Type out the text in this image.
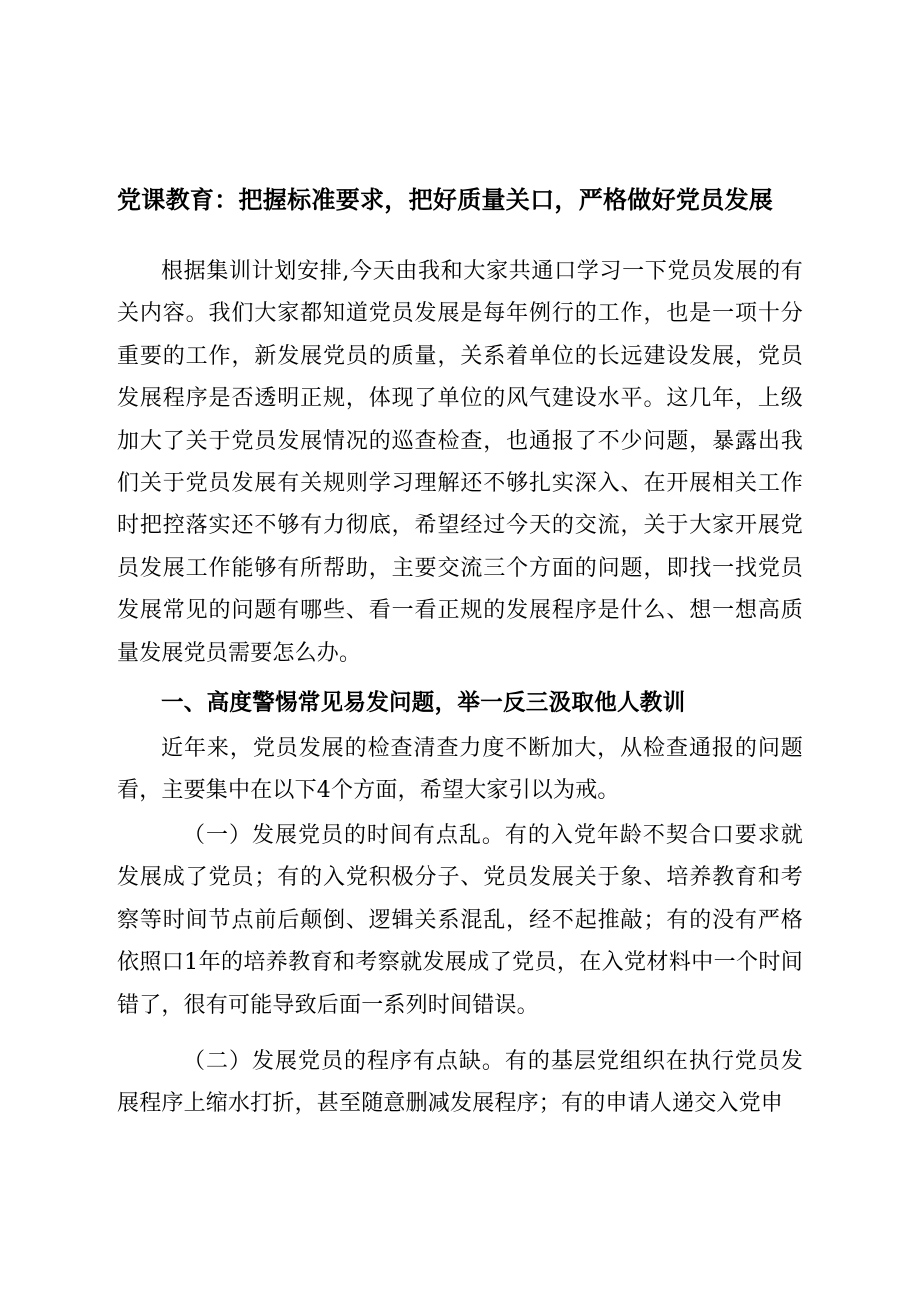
党课教育：把握标准要求，把好质量关口，严格做好党员发展

根据集训计划安排,今天由我和大家共通口学习一下党员发展的有关内容。我们大家都知道党员发展是每年例行的工作，也是一项十分重要的工作，新发展党员的质量，关系着单位的长远建设发展，党员发展程序是否透明正规，体现了单位的风气建设水平。这几年，上级加大了关于党员发展情况的巡查检查，也通报了不少问题，暴露出我们关于党员发展有关规则学习理解还不够扎实深入、在开展相关工作时把控落实还不够有力彻底，希望经过今天的交流，关于大家开展党员发展工作能够有所帮助，主要交流三个方面的问题，即找一找党员发展常见的问题有哪些、看一看正规的发展程序是什么、想一想高质量发展党员需要怎么办。

一、高度警惕常见易发问题，举一反三汲取他人教训

近年来，党员发展的检查清查力度不断加大，从检查通报的问题看，主要集中在以下4个方面，希望大家引以为戒。

（一）发展党员的时间有点乱。有的入党年龄不契合口要求就发展成了党员；有的入党积极分子、党员发展关于象、培养教育和考察等时间节点前后颠倒、逻辑关系混乱，经不起推敲；有的没有严格依照口1年的培养教育和考察就发展成了党员，在入党材料中一个时间错了，很有可能导致后面一系列时间错误。

（二）发展党员的程序有点缺。有的基层党组织在执行党员发展程序上缩水打折，甚至随意删减发展程序；有的申请人递交入党申
